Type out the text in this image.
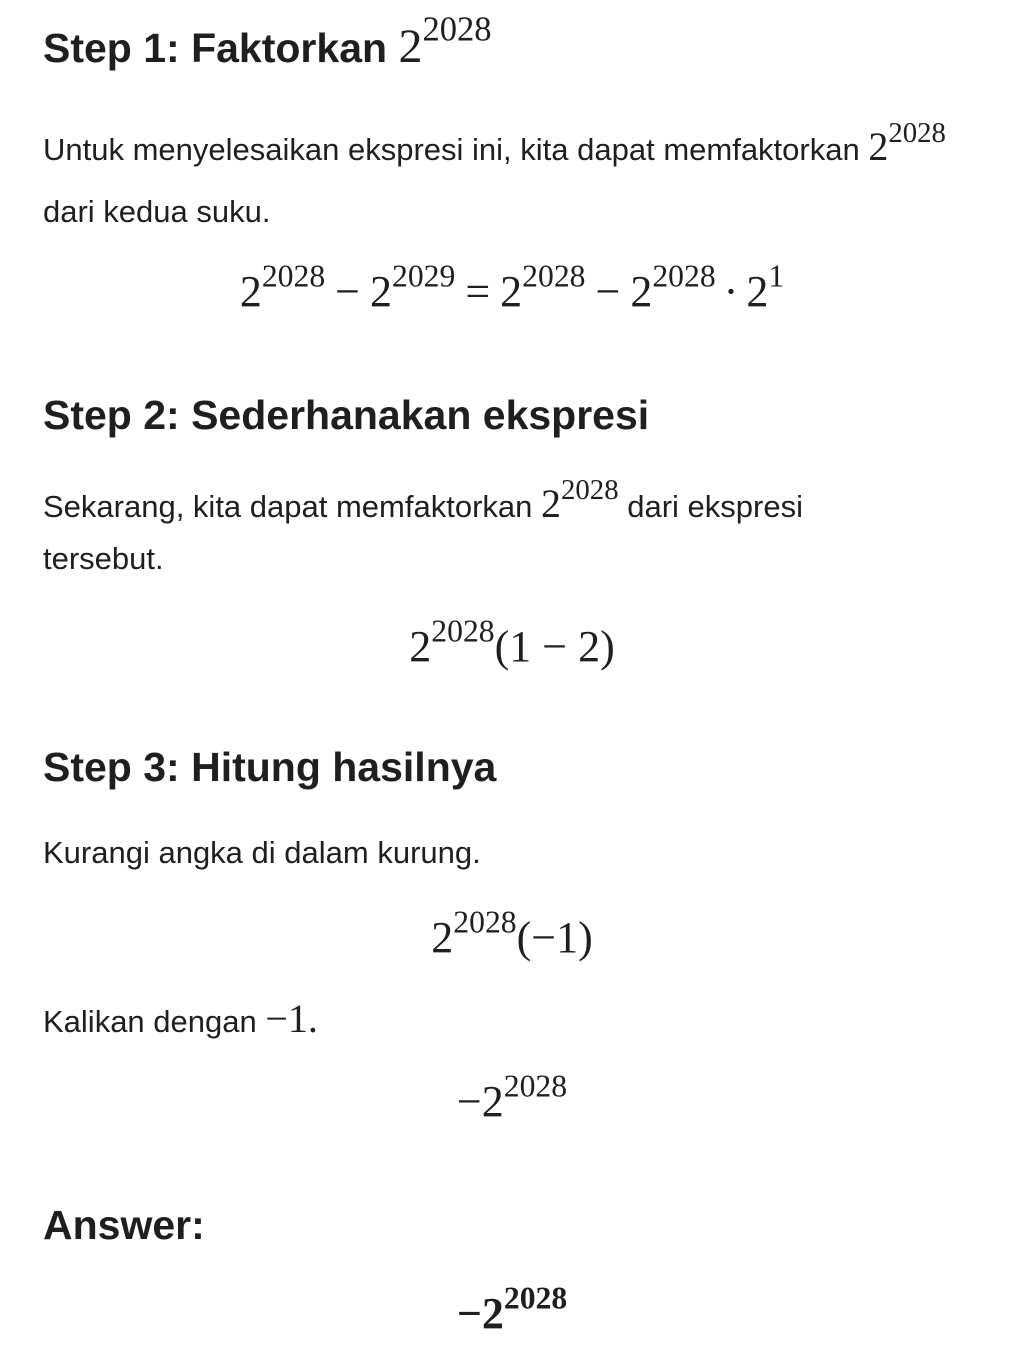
Step 1: Faktorkan $2^{2028}$

Untuk menyelesaikan ekspresi ini, kita dapat memfaktorkan $2^{2028}$ dari kedua suku.

$2^{2028} - 2^{2029} = 2^{2028} - 2^{2028} \cdot 2^1$
Step 2: Sederhanakan ekspresi

Sekarang, kita dapat memfaktorkan $2^{2028}$ dari ekspresi
tersebut.

$2^{2028}(1 - 2)$
Step 3: Hitung hasilnya

Kurangi angka di dalam kurung.

$2^{2028}(-1)$

Kalikan dengan −1.

$-2^{2028}$
Answer:
$-2^{2028}$
